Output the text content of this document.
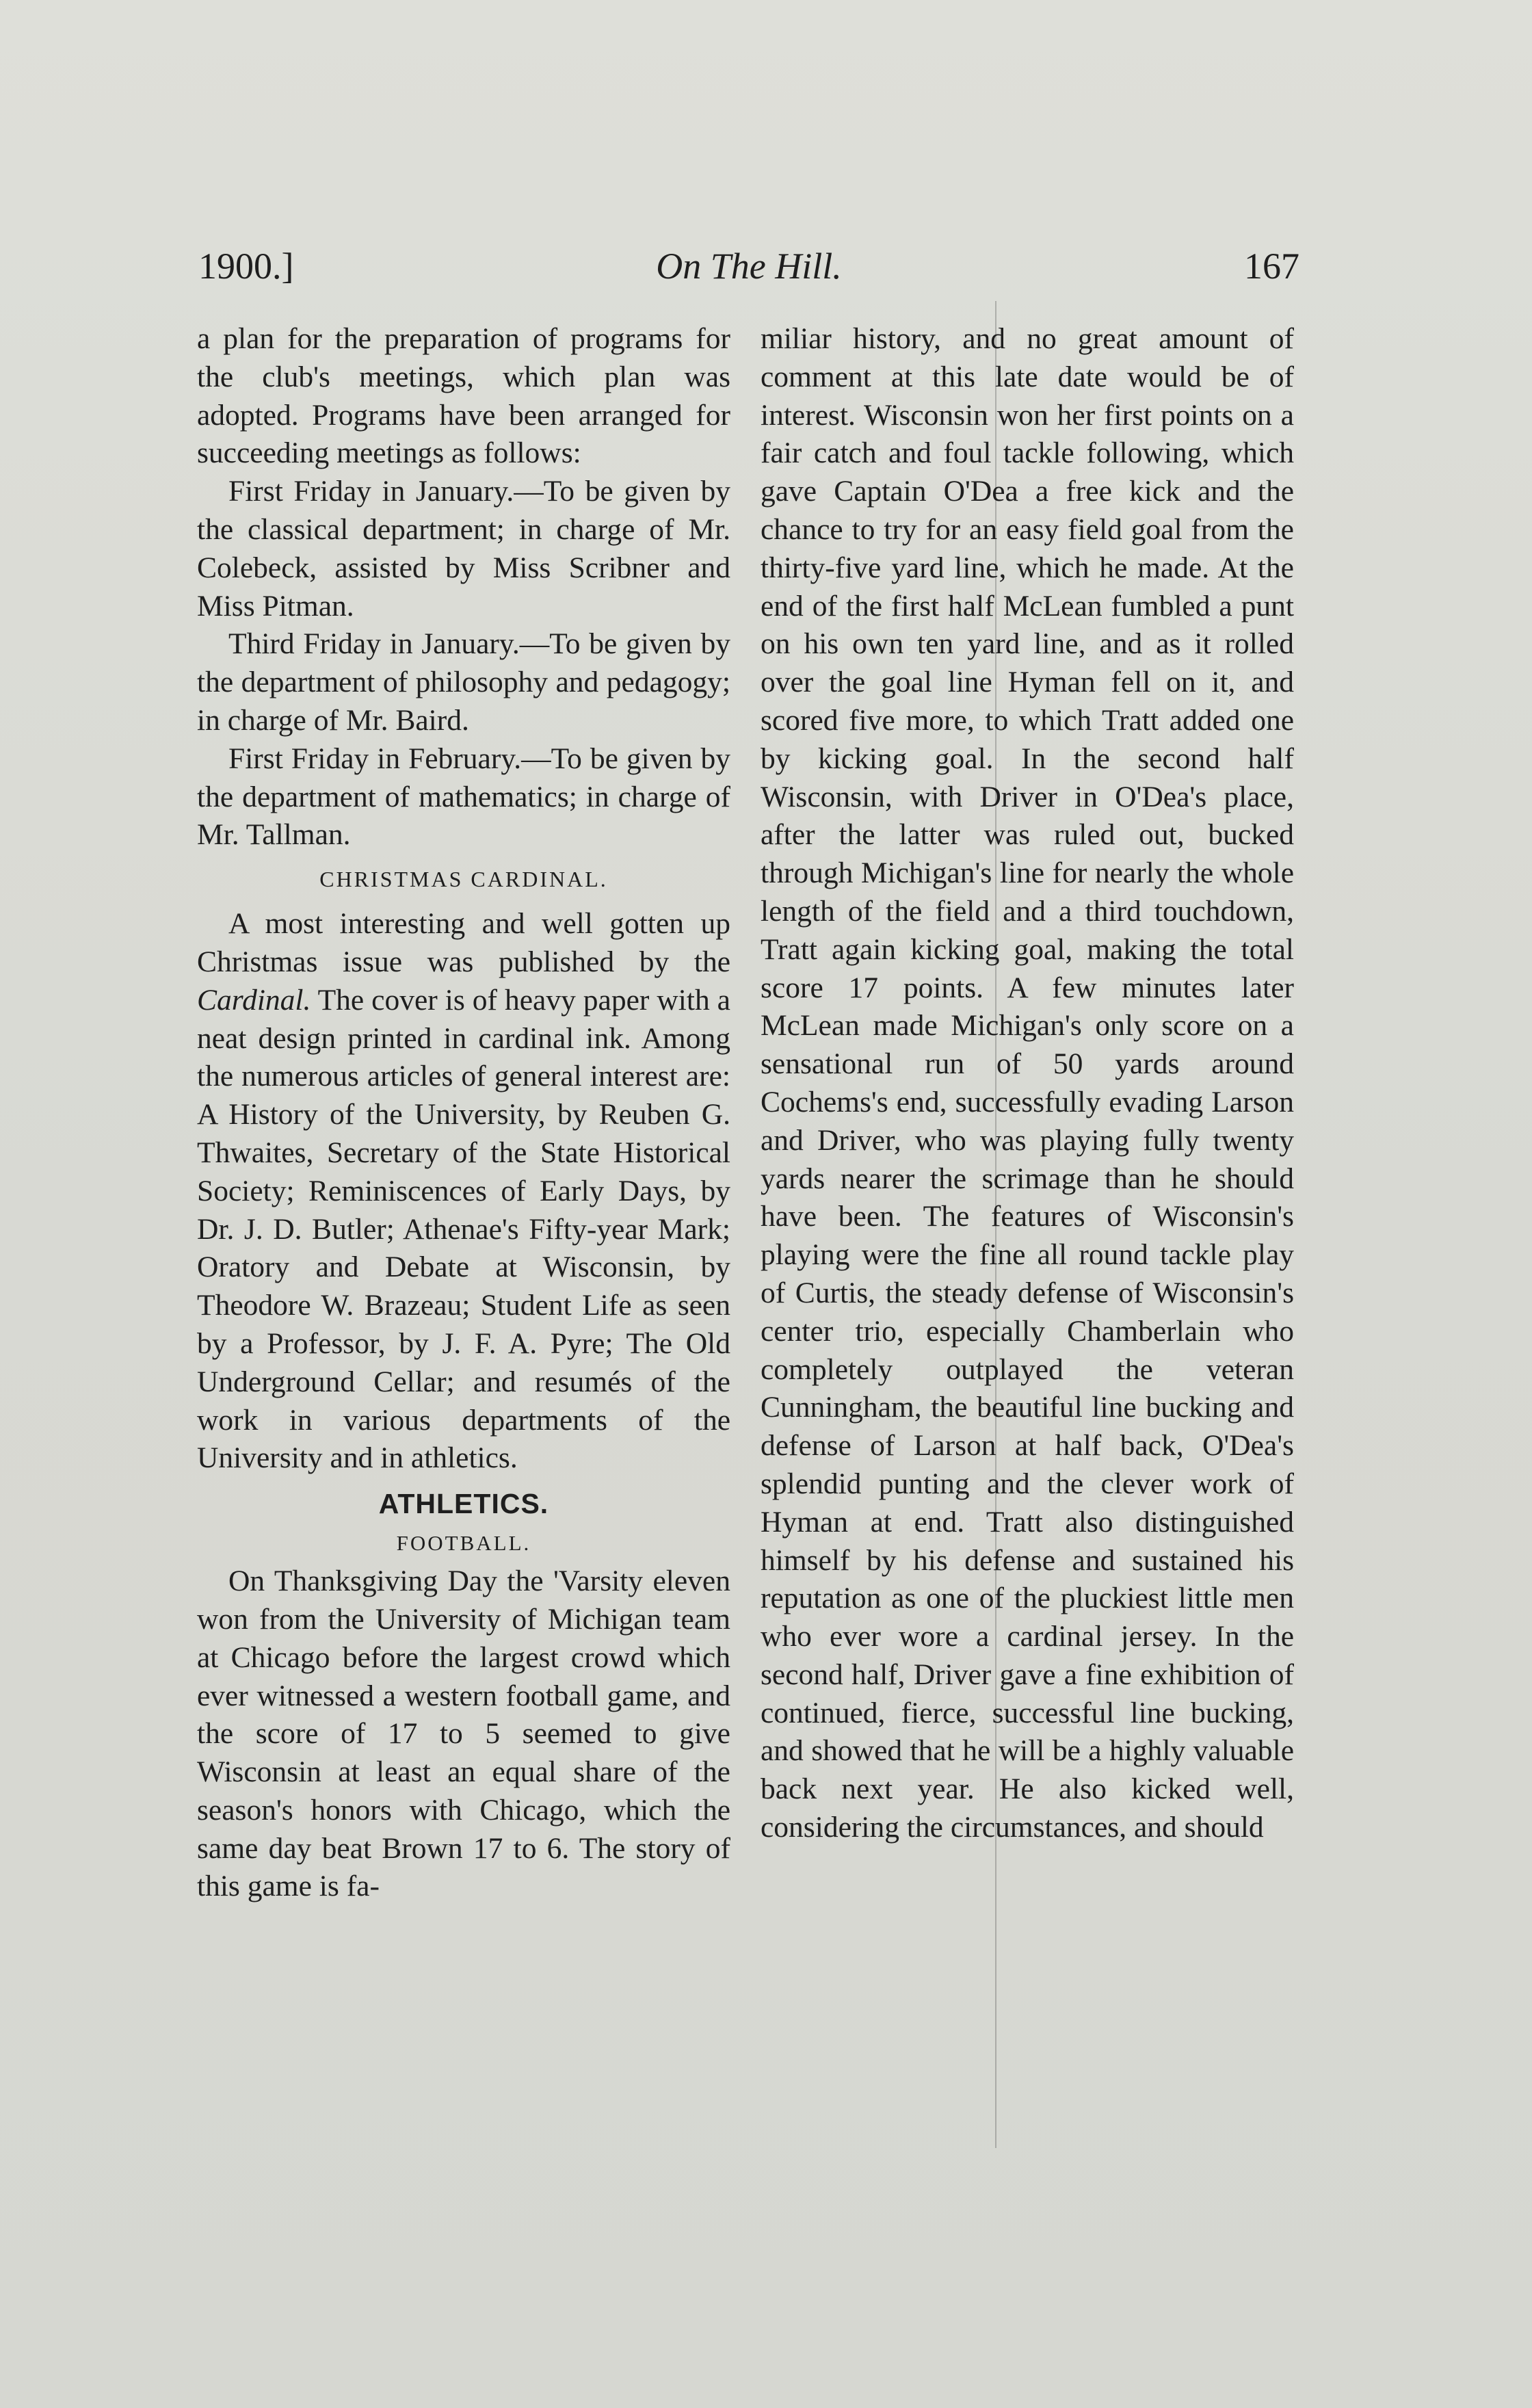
1900.]	On The Hill.	167

a plan for the preparation of programs for the club's meetings, which plan was adopted. Programs have been arranged for succeeding meetings as follows:

First Friday in January.—To be given by the classical department; in charge of Mr. Colebeck, assisted by Miss Scribner and Miss Pitman.

Third Friday in January.—To be given by the department of philosophy and pedagogy; in charge of Mr. Baird.

First Friday in February.—To be given by the department of mathematics; in charge of Mr. Tallman.

CHRISTMAS CARDINAL.

A most interesting and well gotten up Christmas issue was published by the Cardinal. The cover is of heavy paper with a neat design printed in cardinal ink. Among the numerous articles of general interest are: A History of the University, by Reuben G. Thwaites, Secretary of the State Historical Society; Reminiscences of Early Days, by Dr. J. D. Butler; Athenae's Fifty-year Mark; Oratory and Debate at Wisconsin, by Theodore W. Brazeau; Student Life as seen by a Professor, by J. F. A. Pyre; The Old Underground Cellar; and resumés of the work in various departments of the University and in athletics.

ATHLETICS.
FOOTBALL.

On Thanksgiving Day the 'Varsity eleven won from the University of Michigan team at Chicago before the largest crowd which ever witnessed a western football game, and the score of 17 to 5 seemed to give Wisconsin at least an equal share of the season's honors with Chicago, which the same day beat Brown 17 to 6. The story of this game is fa-

miliar history, and no great amount of comment at this late date would be of interest. Wisconsin won her first points on a fair catch and foul tackle following, which gave Captain O'Dea a free kick and the chance to try for an easy field goal from the thirty-five yard line, which he made. At the end of the first half McLean fumbled a punt on his own ten yard line, and as it rolled over the goal line Hyman fell on it, and scored five more, to which Tratt added one by kicking goal. In the second half Wisconsin, with Driver in O'Dea's place, after the latter was ruled out, bucked through Michigan's line for nearly the whole length of the field and a third touchdown, Tratt again kicking goal, making the total score 17 points. A few minutes later McLean made Michigan's only score on a sensational run of 50 yards around Cochems's end, successfully evading Larson and Driver, who was playing fully twenty yards nearer the scrimage than he should have been. The features of Wisconsin's playing were the fine all round tackle play of Curtis, the steady defense of Wisconsin's center trio, especially Chamberlain who completely outplayed the veteran Cunningham, the beautiful line bucking and defense of Larson at half back, O'Dea's splendid punting and the clever work of Hyman at end. Tratt also distinguished himself by his defense and sustained his reputation as one of the pluckiest little men who ever wore a cardinal jersey. In the second half, Driver gave a fine exhibition of continued, fierce, successful line bucking, and showed that he will be a highly valuable back next year. He also kicked well, considering the circumstances, and should
